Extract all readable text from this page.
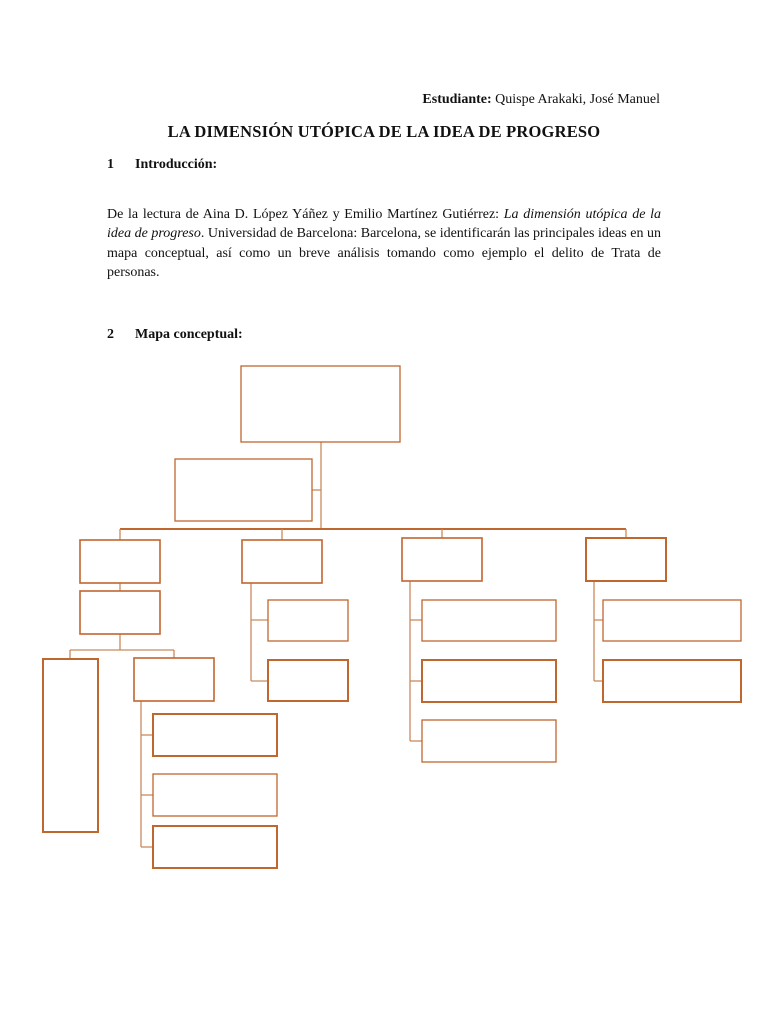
Estudiante: Quispe Arakaki, José Manuel
LA DIMENSIÓN UTÓPICA DE LA IDEA DE PROGRESO
1 Introducción:
De la lectura de Aina D. López Yáñez y Emilio Martínez Gutiérrez: La dimensión utópica de la idea de progreso. Universidad de Barcelona: Barcelona, se identificarán las principales ideas en un mapa conceptual, así como un breve análisis tomando como ejemplo el delito de Trata de personas.
2 Mapa conceptual:
